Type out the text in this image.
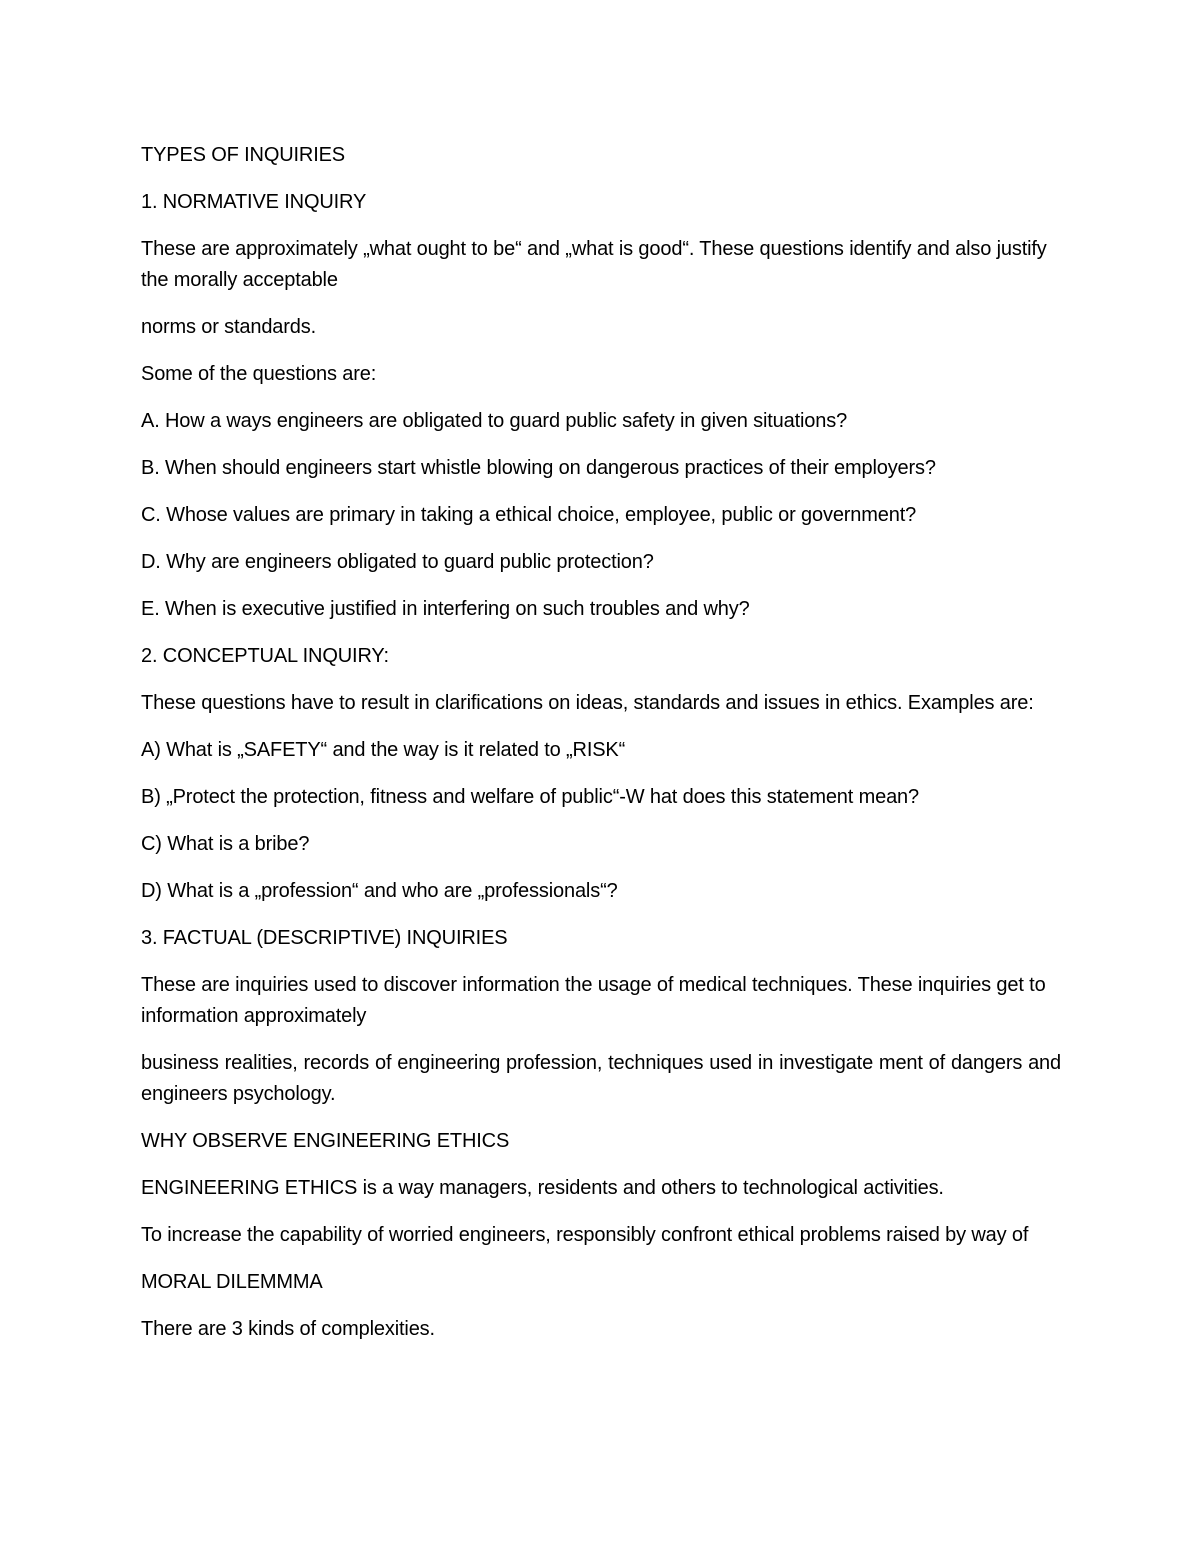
TYPES OF INQUIRIES

1. NORMATIVE INQUIRY

These are approximately „what ought to be“ and „what is good“. These questions identify and also justify the morally acceptable

norms or standards.

Some of the questions are:

A. How a ways engineers are obligated to guard public safety in given situations?

B. When should engineers start whistle blowing on dangerous practices of their employers?

C. Whose values are primary in taking a ethical choice, employee, public or government?

D. Why are engineers obligated to guard public protection?

E. When is executive justified in interfering on such troubles and why?

2. CONCEPTUAL INQUIRY:

These questions have to result in clarifications on ideas, standards and issues in ethics. Examples are:

A) What is „SAFETY“ and the way is it related to „RISK“

B) „Protect the protection, fitness and welfare of public“-W hat does this statement mean?

C) What is a bribe?

D) What is a „profession“ and who are „professionals“?

3. FACTUAL (DESCRIPTIVE) INQUIRIES

These are inquiries used to discover information the usage of medical techniques. These inquiries get to information approximately

business realities, records of engineering profession, techniques used in investigate ment of dangers and engineers psychology.

WHY OBSERVE ENGINEERING ETHICS

ENGINEERING ETHICS is a way managers, residents and others to technological activities.

To increase the capability of worried engineers, responsibly confront ethical problems raised by way of

MORAL DILEMMMA

There are 3 kinds of complexities.
